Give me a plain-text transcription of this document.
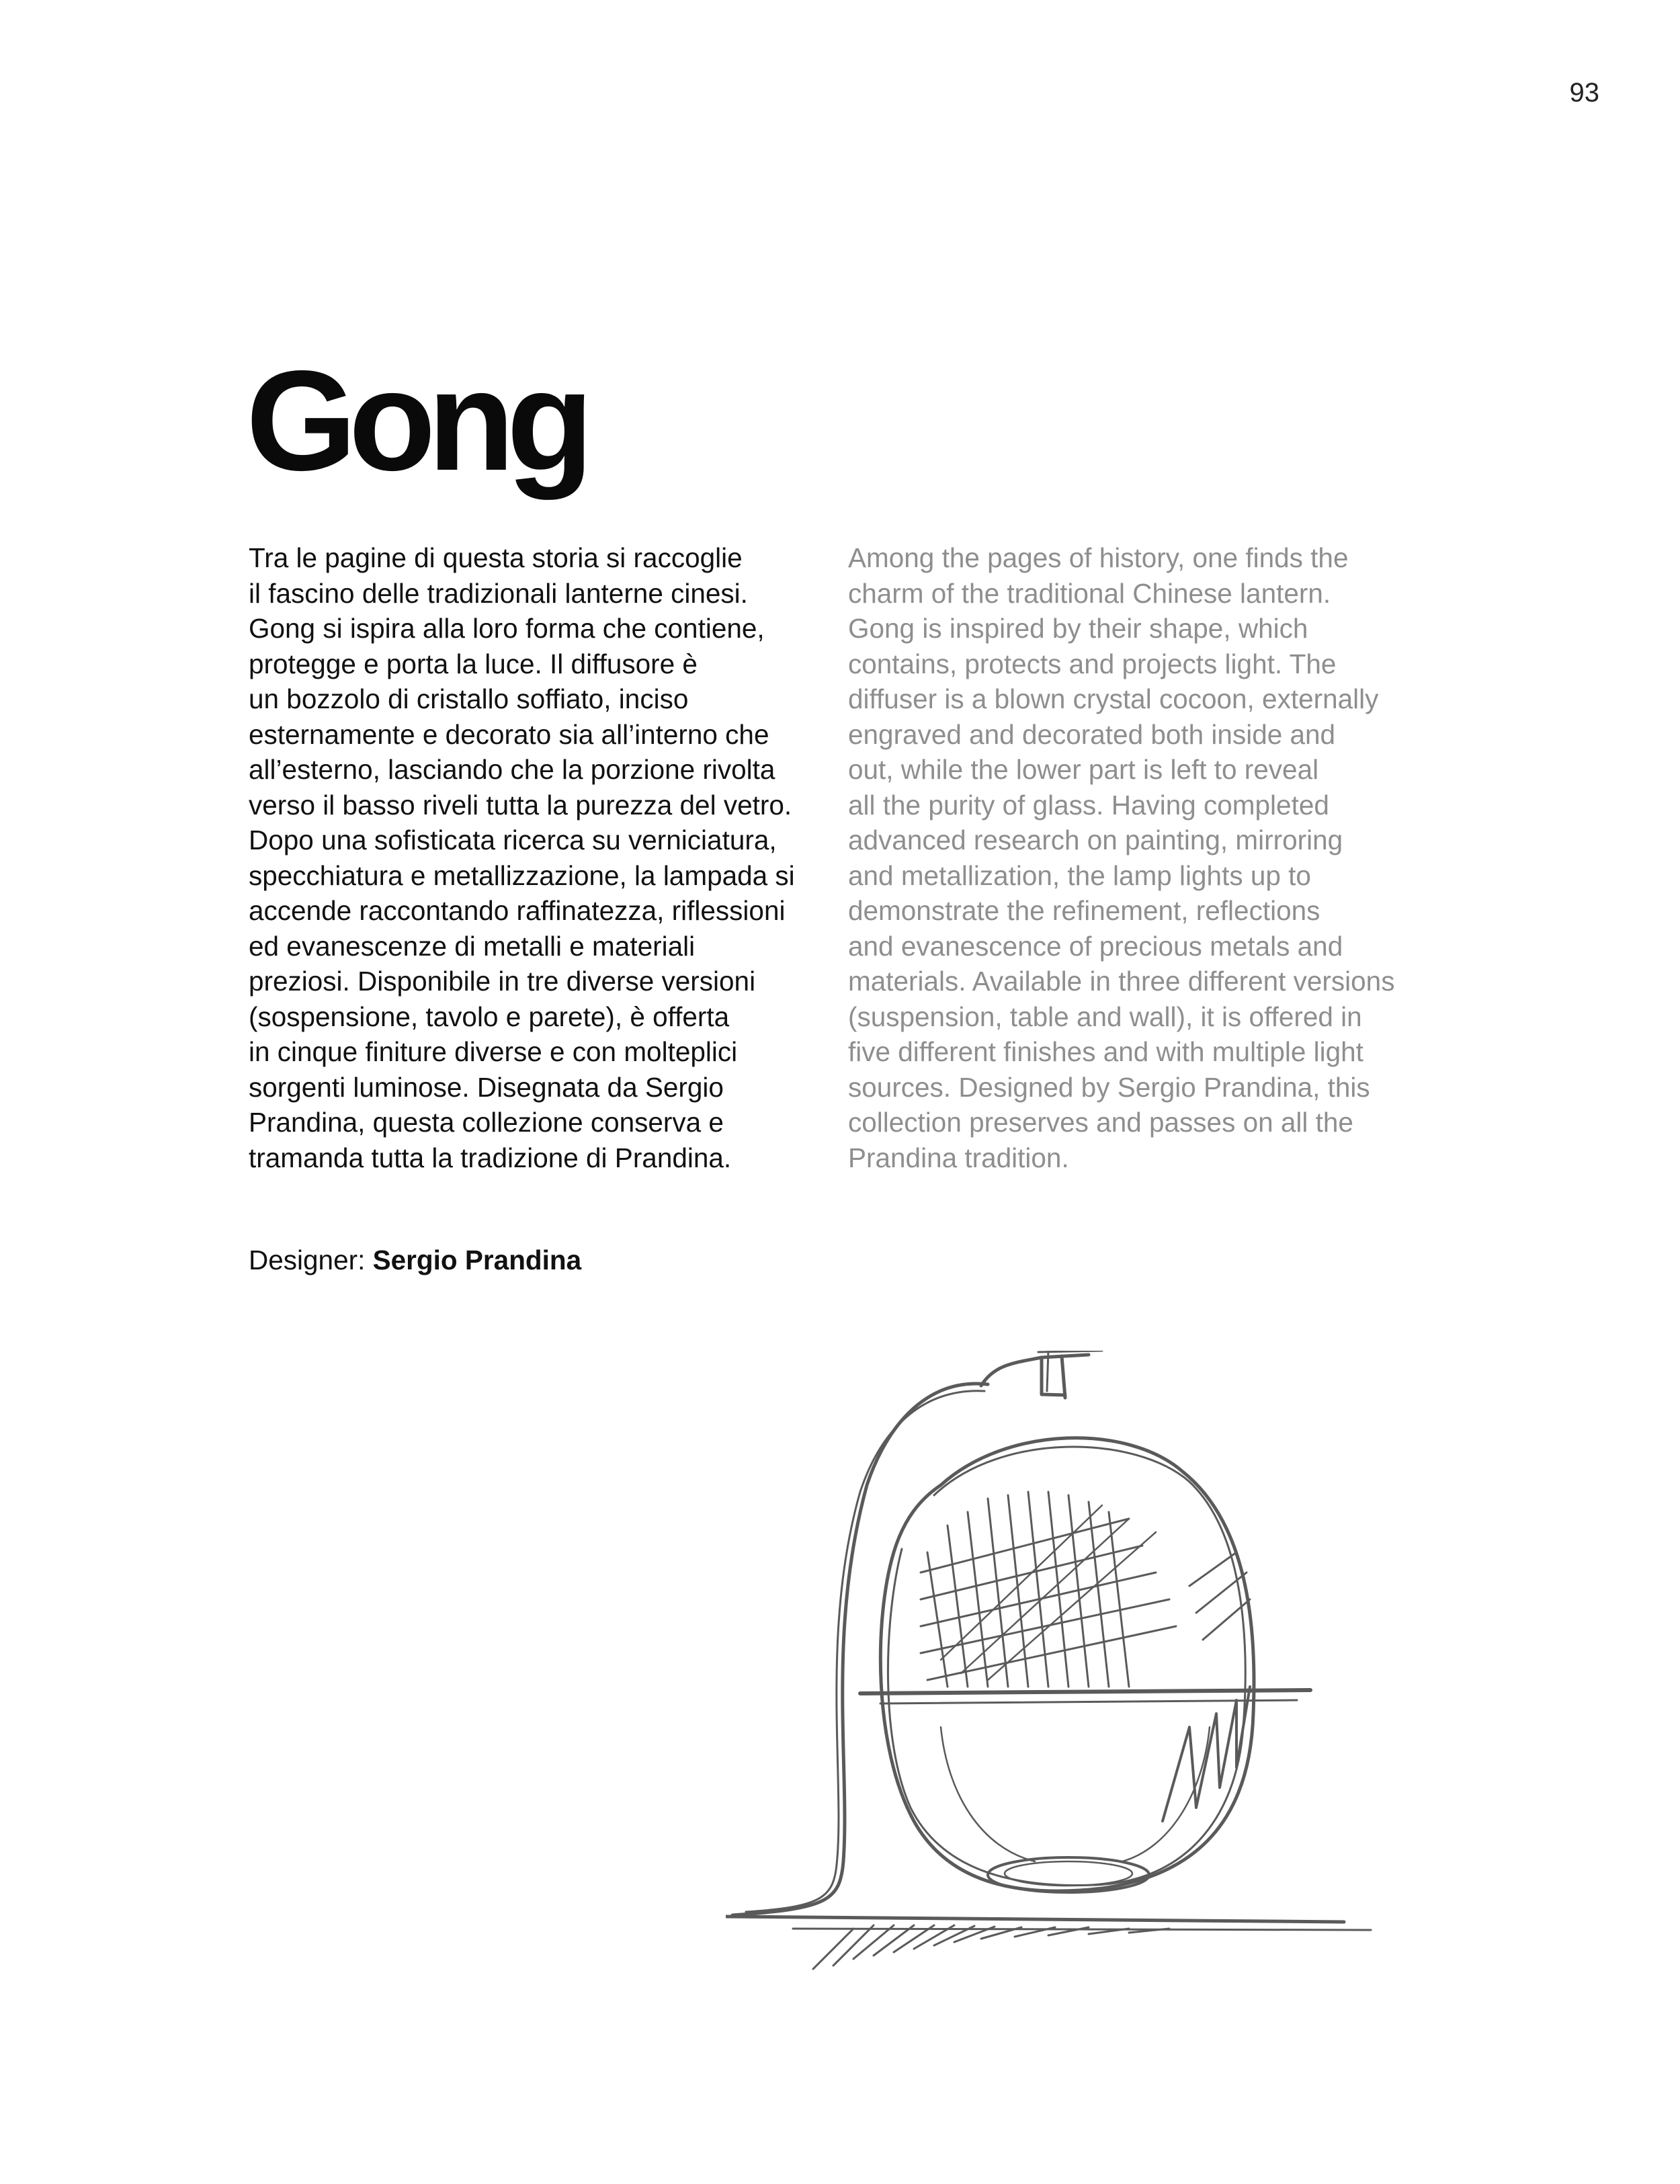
93
Gong
Tra le pagine di questa storia si raccoglie
il fascino delle tradizionali lanterne cinesi.
Gong si ispira alla loro forma che contiene,
protegge e porta la luce. Il diffusore è
un bozzolo di cristallo soffiato, inciso
esternamente e decorato sia all’interno che
all’esterno, lasciando che la porzione rivolta
verso il basso riveli tutta la purezza del vetro.
Dopo una sofisticata ricerca su verniciatura,
specchiatura e metallizzazione, la lampada si
accende raccontando raffinatezza, riflessioni
ed evanescenze di metalli e materiali
preziosi. Disponibile in tre diverse versioni
(sospensione, tavolo e parete), è offerta
in cinque finiture diverse e con molteplici
sorgenti luminose. Disegnata da Sergio
Prandina, questa collezione conserva e
tramanda tutta la tradizione di Prandina.
Among the pages of history, one finds the
charm of the traditional Chinese lantern.
Gong is inspired by their shape, which
contains, protects and projects light. The
diffuser is a blown crystal cocoon, externally
engraved and decorated both inside and
out, while the lower part is left to reveal
all the purity of glass. Having completed
advanced research on painting, mirroring
and metallization, the lamp lights up to
demonstrate the refinement, reflections
and evanescence of precious metals and
materials. Available in three different versions
(suspension, table and wall), it is offered in
five different finishes and with multiple light
sources. Designed by Sergio Prandina, this
collection preserves and passes on all the
Prandina tradition.
Designer: Sergio Prandina
